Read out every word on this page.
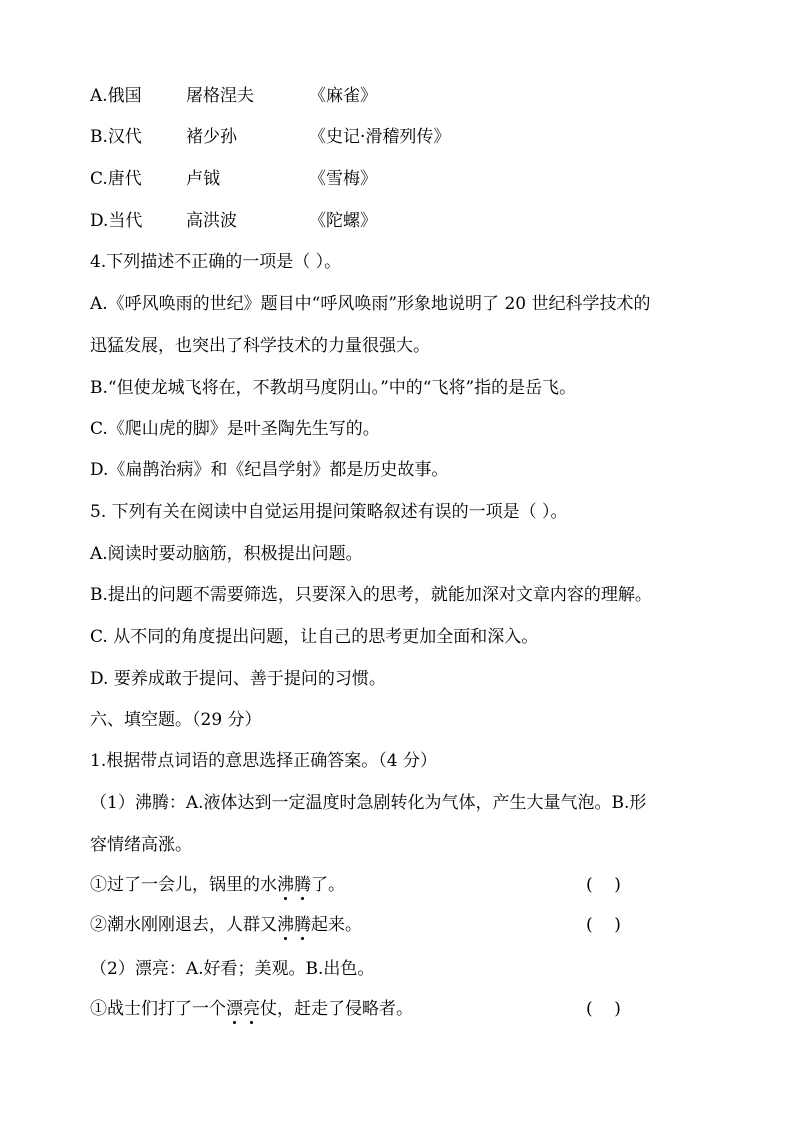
A.俄国	屠格涅夫	《麻雀》
B.汉代	褚少孙	《史记·滑稽列传》
C.唐代	卢钺	《雪梅》
D.当代	高洪波	《陀螺》
4.下列描述不正确的一项是（ ）。
A.《呼风唤雨的世纪》题目中“呼风唤雨”形象地说明了 20 世纪科学技术的
迅猛发展，也突出了科学技术的力量很强大。
B.“但使龙城飞将在，不教胡马度阴山。”中的“飞将”指的是岳飞。
C.《爬山虎的脚》是叶圣陶先生写的。
D.《扁鹊治病》和《纪昌学射》都是历史故事。
5. 下列有关在阅读中自觉运用提问策略叙述有误的一项是（ ）。
A.阅读时要动脑筋，积极提出问题。
B.提出的问题不需要筛选，只要深入的思考，就能加深对文章内容的理解。
C. 从不同的角度提出问题，让自己的思考更加全面和深入。
D. 要养成敢于提问、善于提问的习惯。
六、填空题。（29 分）
1.根据带点词语的意思选择正确答案。（4 分）
（1）沸腾：A.液体达到一定温度时急剧转化为气体，产生大量气泡。B.形
容情绪高涨。
①过了一会儿，锅里的水沸腾了。	(    )
②潮水刚刚退去，人群又沸腾起来。	(    )
（2）漂亮：A.好看；美观。B.出色。
①战士们打了一个漂亮仗，赶走了侵略者。	(    )
